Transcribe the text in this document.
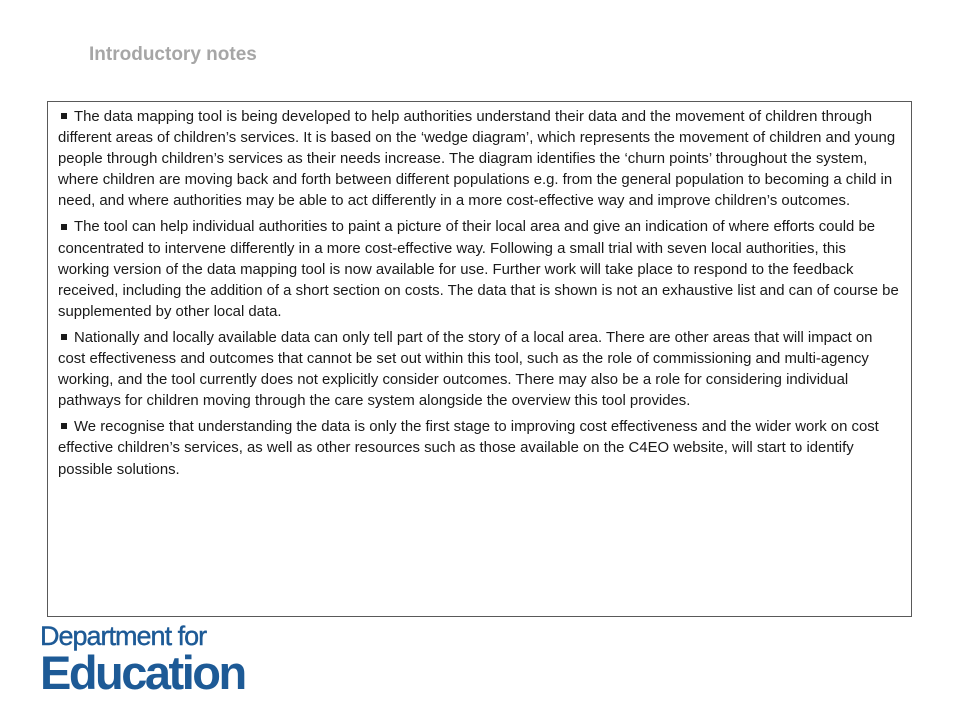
Introductory notes
The data mapping tool is being developed to help authorities understand their data and the movement of children through different areas of children’s services. It is based on the ‘wedge diagram’, which represents the movement of children and young people through children’s services as their needs increase. The diagram identifies the ‘churn points’ throughout the system, where children are moving back and forth between different populations e.g. from the general population to becoming a child in need, and where authorities may be able to act differently in a more cost-effective way and improve children’s outcomes.
The tool can help individual authorities to paint a picture of their local area and give an indication of where efforts could be concentrated to intervene differently in a more cost-effective way. Following a small trial with seven local authorities, this working version of the data mapping tool is now available for use. Further work will take place to respond to the feedback received, including the addition of a short section on costs. The data that is shown is not an exhaustive list and can of course be supplemented by other local data.
Nationally and locally available data can only tell part of the story of a local area. There are other areas that will impact on cost effectiveness and outcomes that cannot be set out within this tool, such as the role of commissioning and multi-agency working, and the tool currently does not explicitly consider outcomes. There may also be a role for considering individual pathways for children moving through the care system alongside the overview this tool provides.
We recognise that understanding the data is only the first stage to improving cost effectiveness and the wider work on cost effective children’s services, as well as other resources such as those available on the C4EO website, will start to identify possible solutions.
Department for
Education
